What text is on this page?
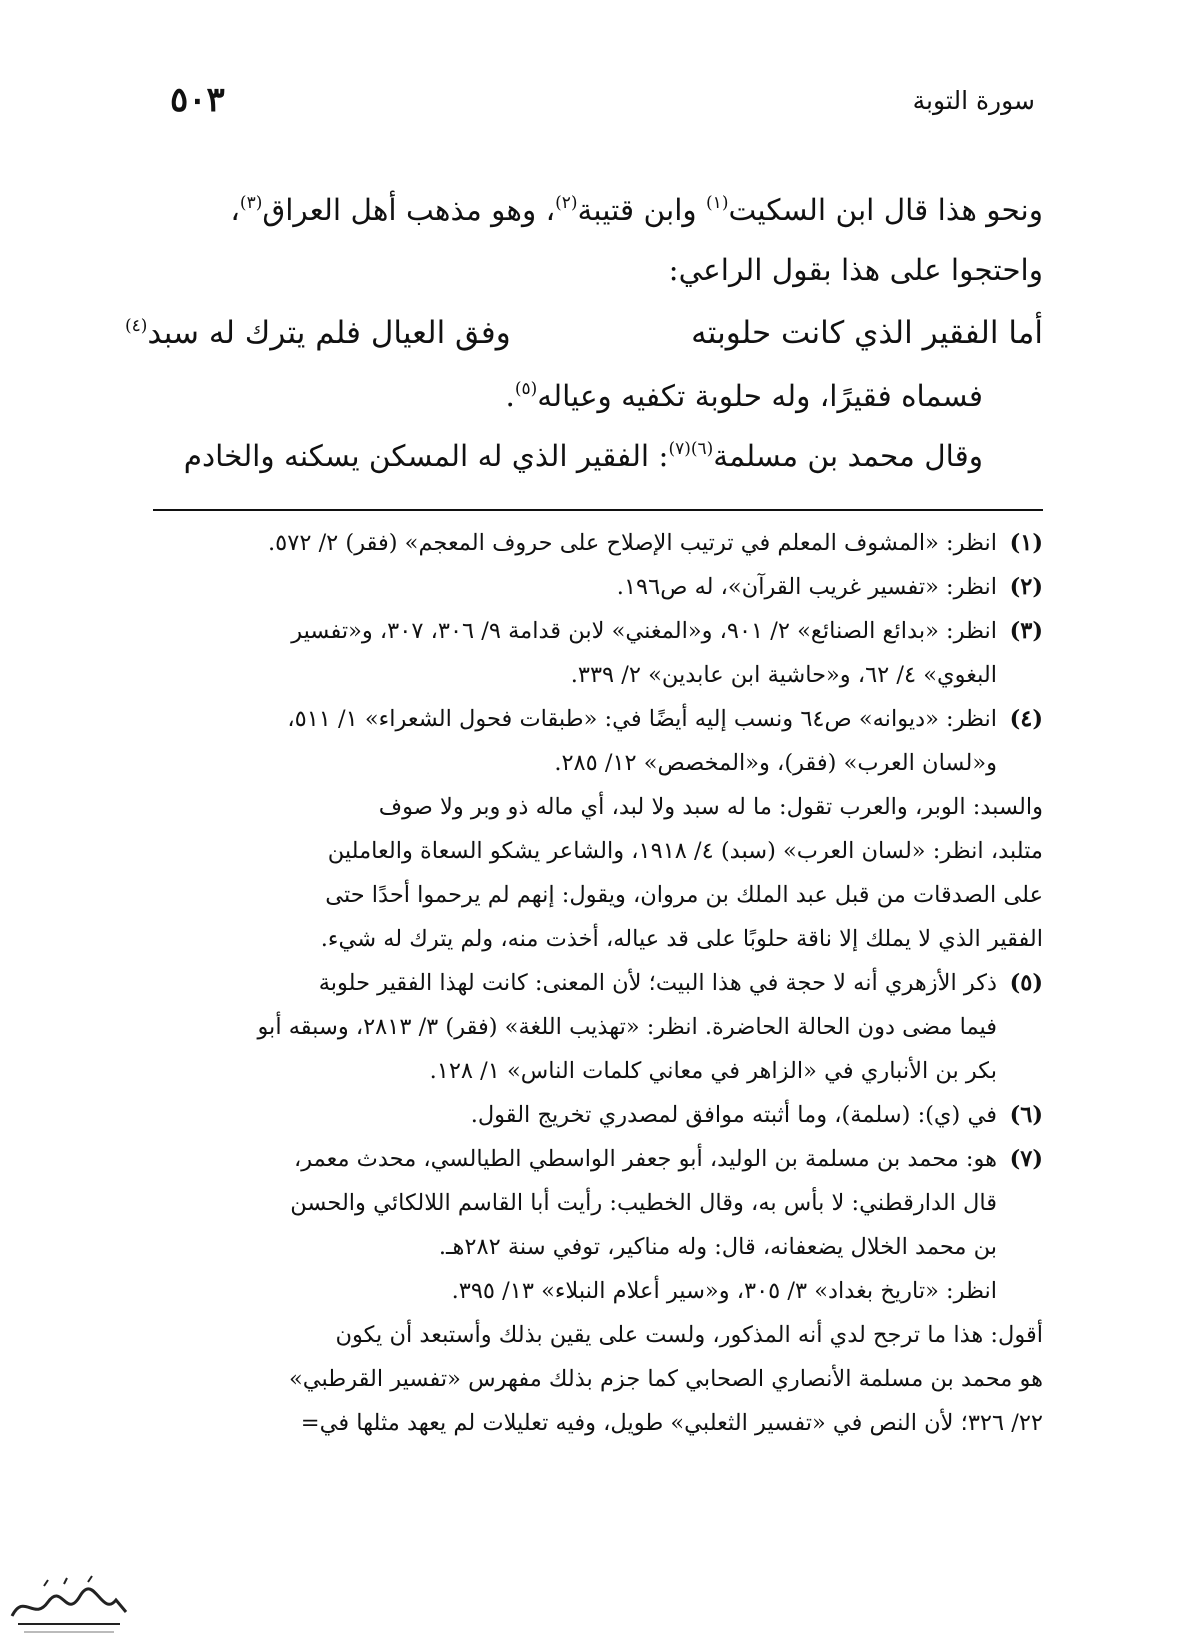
سورة التوبة
٥٠٣

ونحو هذا قال ابن السكيت$^{(١)}$ وابن قتيبة$^{(٢)}$، وهو مذهب أهل العراق$^{(٣)}$،

واحتجوا على هذا بقول الراعي:

أما الفقير الذي كانت حلوبته
وفق العيال فلم يترك له سبد$^{(٤)}$

فسماه فقيرًا، وله حلوبة تكفيه وعياله$^{(٥)}$.

وقال محمد بن مسلمة$^{(٦)(٧)}$: الفقير الذي له المسكن يسكنه والخادم

(١)
انظر: «المشوف المعلم في ترتيب الإصلاح على حروف المعجم» (فقر) ٢/ ٥٧٢.
(٢)
انظر: «تفسير غريب القرآن»، له ص١٩٦.
(٣)
انظر: «بدائع الصنائع» ٢/ ٩٠١، و«المغني» لابن قدامة ٩/ ٣٠٦، ٣٠٧، و«تفسير
البغوي» ٤/ ٦٢، و«حاشية ابن عابدين» ٢/ ٣٣٩.
(٤)
انظر: «ديوانه» ص٦٤ ونسب إليه أيضًا في: «طبقات فحول الشعراء» ١/ ٥١١،
و«لسان العرب» (فقر)، و«المخصص» ١٢/ ٢٨٥.
والسبد: الوبر، والعرب تقول: ما له سبد ولا لبد، أي ماله ذو وبر ولا صوف
متلبد، انظر: «لسان العرب» (سبد) ٤/ ١٩١٨، والشاعر يشكو السعاة والعاملين
على الصدقات من قبل عبد الملك بن مروان، ويقول: إنهم لم يرحموا أحدًا حتى
الفقير الذي لا يملك إلا ناقة حلوبًا على قد عياله، أخذت منه، ولم يترك له شيء.
(٥)
ذكر الأزهري أنه لا حجة في هذا البيت؛ لأن المعنى: كانت لهذا الفقير حلوبة
فيما مضى دون الحالة الحاضرة. انظر: «تهذيب اللغة» (فقر) ٣/ ٢٨١٣، وسبقه أبو
بكر بن الأنباري في «الزاهر في معاني كلمات الناس» ١/ ١٢٨.
(٦)
في (ي): (سلمة)، وما أثبته موافق لمصدري تخريج القول.
(٧)
هو: محمد بن مسلمة بن الوليد، أبو جعفر الواسطي الطيالسي، محدث معمر،
قال الدارقطني: لا بأس به، وقال الخطيب: رأيت أبا القاسم اللالكائي والحسن
بن محمد الخلال يضعفانه، قال: وله مناكير، توفي سنة ٢٨٢هـ.
انظر: «تاريخ بغداد» ٣/ ٣٠٥، و«سير أعلام النبلاء» ١٣/ ٣٩٥.
أقول: هذا ما ترجح لدي أنه المذكور، ولست على يقين بذلك وأستبعد أن يكون
هو محمد بن مسلمة الأنصاري الصحابي كما جزم بذلك مفهرس «تفسير القرطبي»
٢٢/ ٣٢٦؛ لأن النص في «تفسير الثعلبي» طويل، وفيه تعليلات لم يعهد مثلها في=
